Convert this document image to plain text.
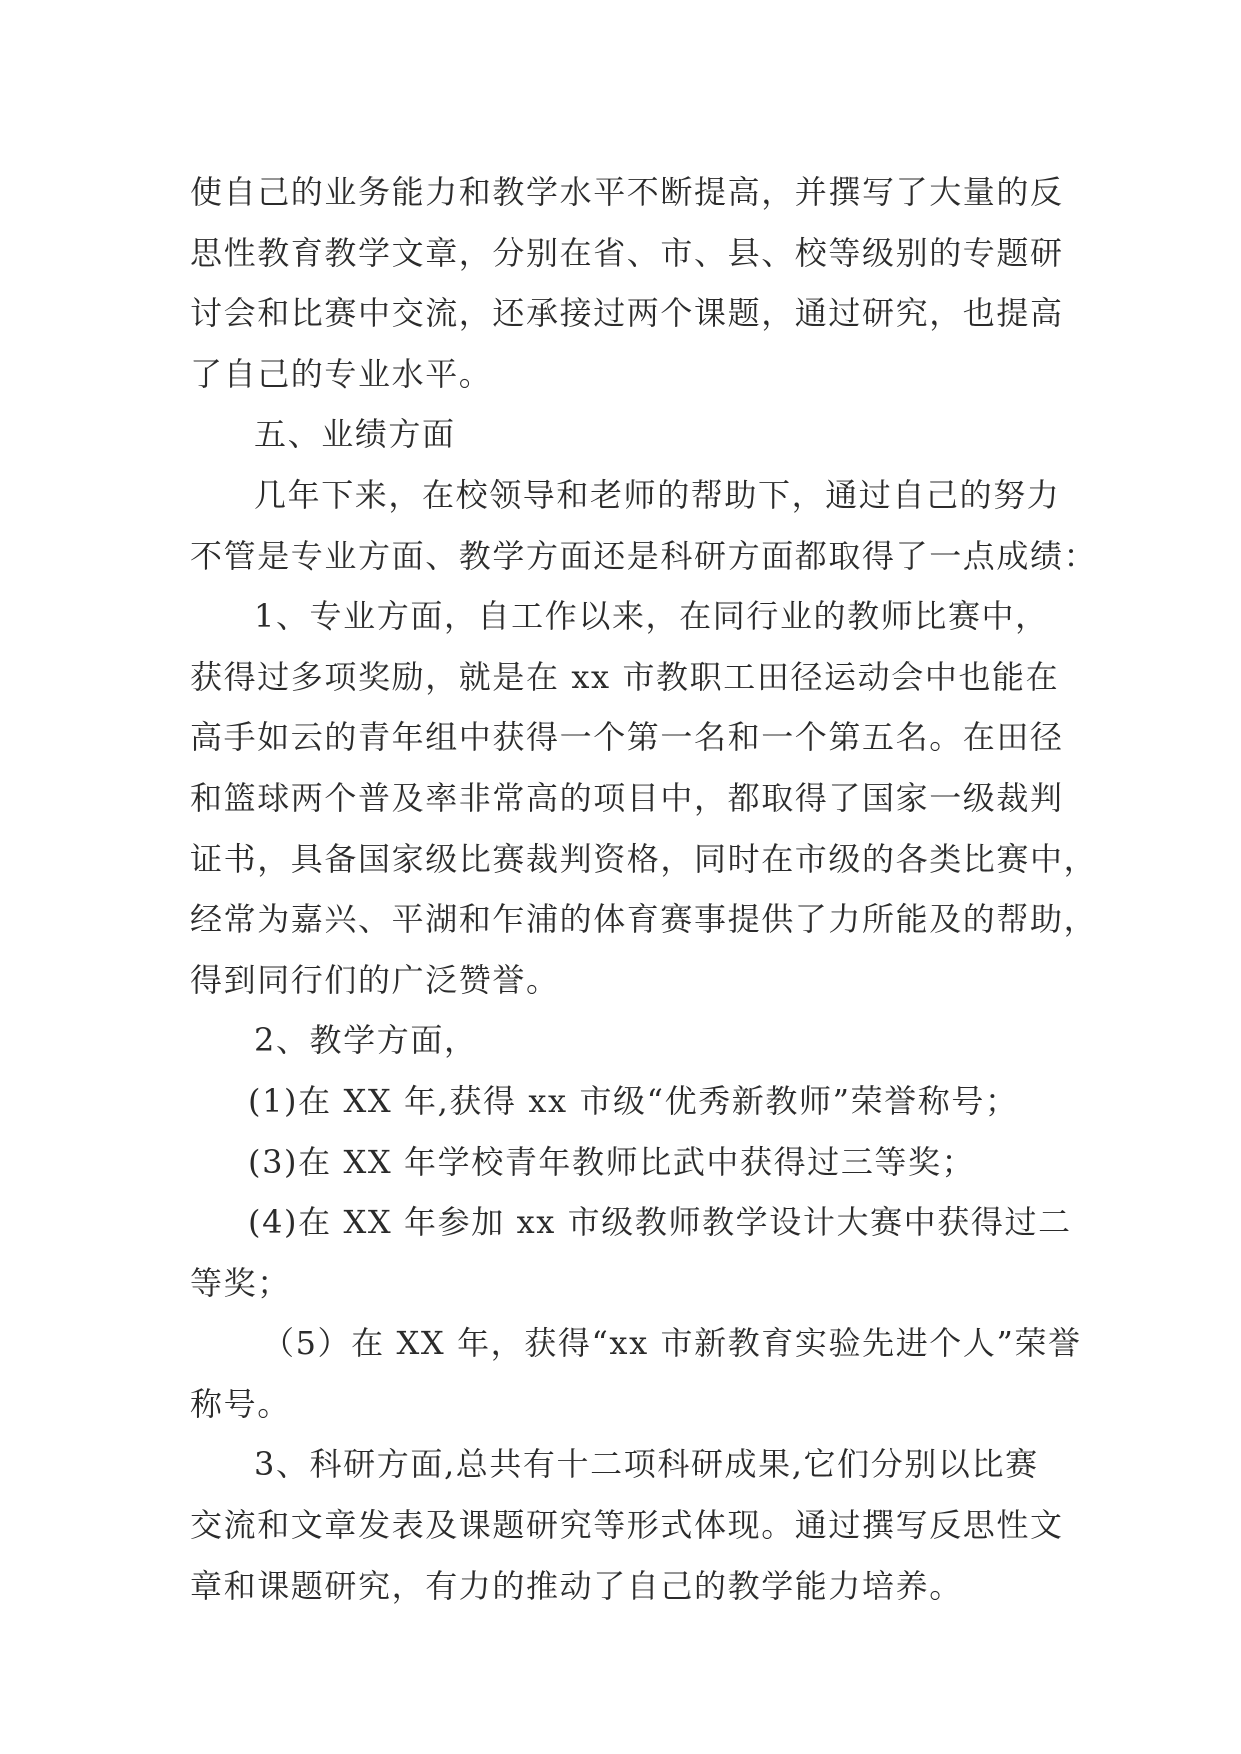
使自己的业务能力和教学水平不断提高，并撰写了大量的反
思性教育教学文章，分别在省、市、县、校等级别的专题研
讨会和比赛中交流，还承接过两个课题，通过研究，也提高
了自己的专业水平。
五、业绩方面
几年下来，在校领导和老师的帮助下，通过自己的努力
不管是专业方面、教学方面还是科研方面都取得了一点成绩：
1、专业方面，自工作以来，在同行业的教师比赛中，
获得过多项奖励，就是在 xx 市教职工田径运动会中也能在
高手如云的青年组中获得一个第一名和一个第五名。在田径
和篮球两个普及率非常高的项目中，都取得了国家一级裁判
证书，具备国家级比赛裁判资格，同时在市级的各类比赛中，
经常为嘉兴、平湖和乍浦的体育赛事提供了力所能及的帮助，
得到同行们的广泛赞誉。
2、教学方面，
(1)在 XX 年,获得 xx 市级“优秀新教师”荣誉称号；
(3)在 XX 年学校青年教师比武中获得过三等奖；
(4)在 XX 年参加 xx 市级教师教学设计大赛中获得过二
等奖；
（5）在 XX 年，获得“xx 市新教育实验先进个人”荣誉
称号。
3、科研方面,总共有十二项科研成果,它们分别以比赛
交流和文章发表及课题研究等形式体现。通过撰写反思性文
章和课题研究，有力的推动了自己的教学能力培养。
